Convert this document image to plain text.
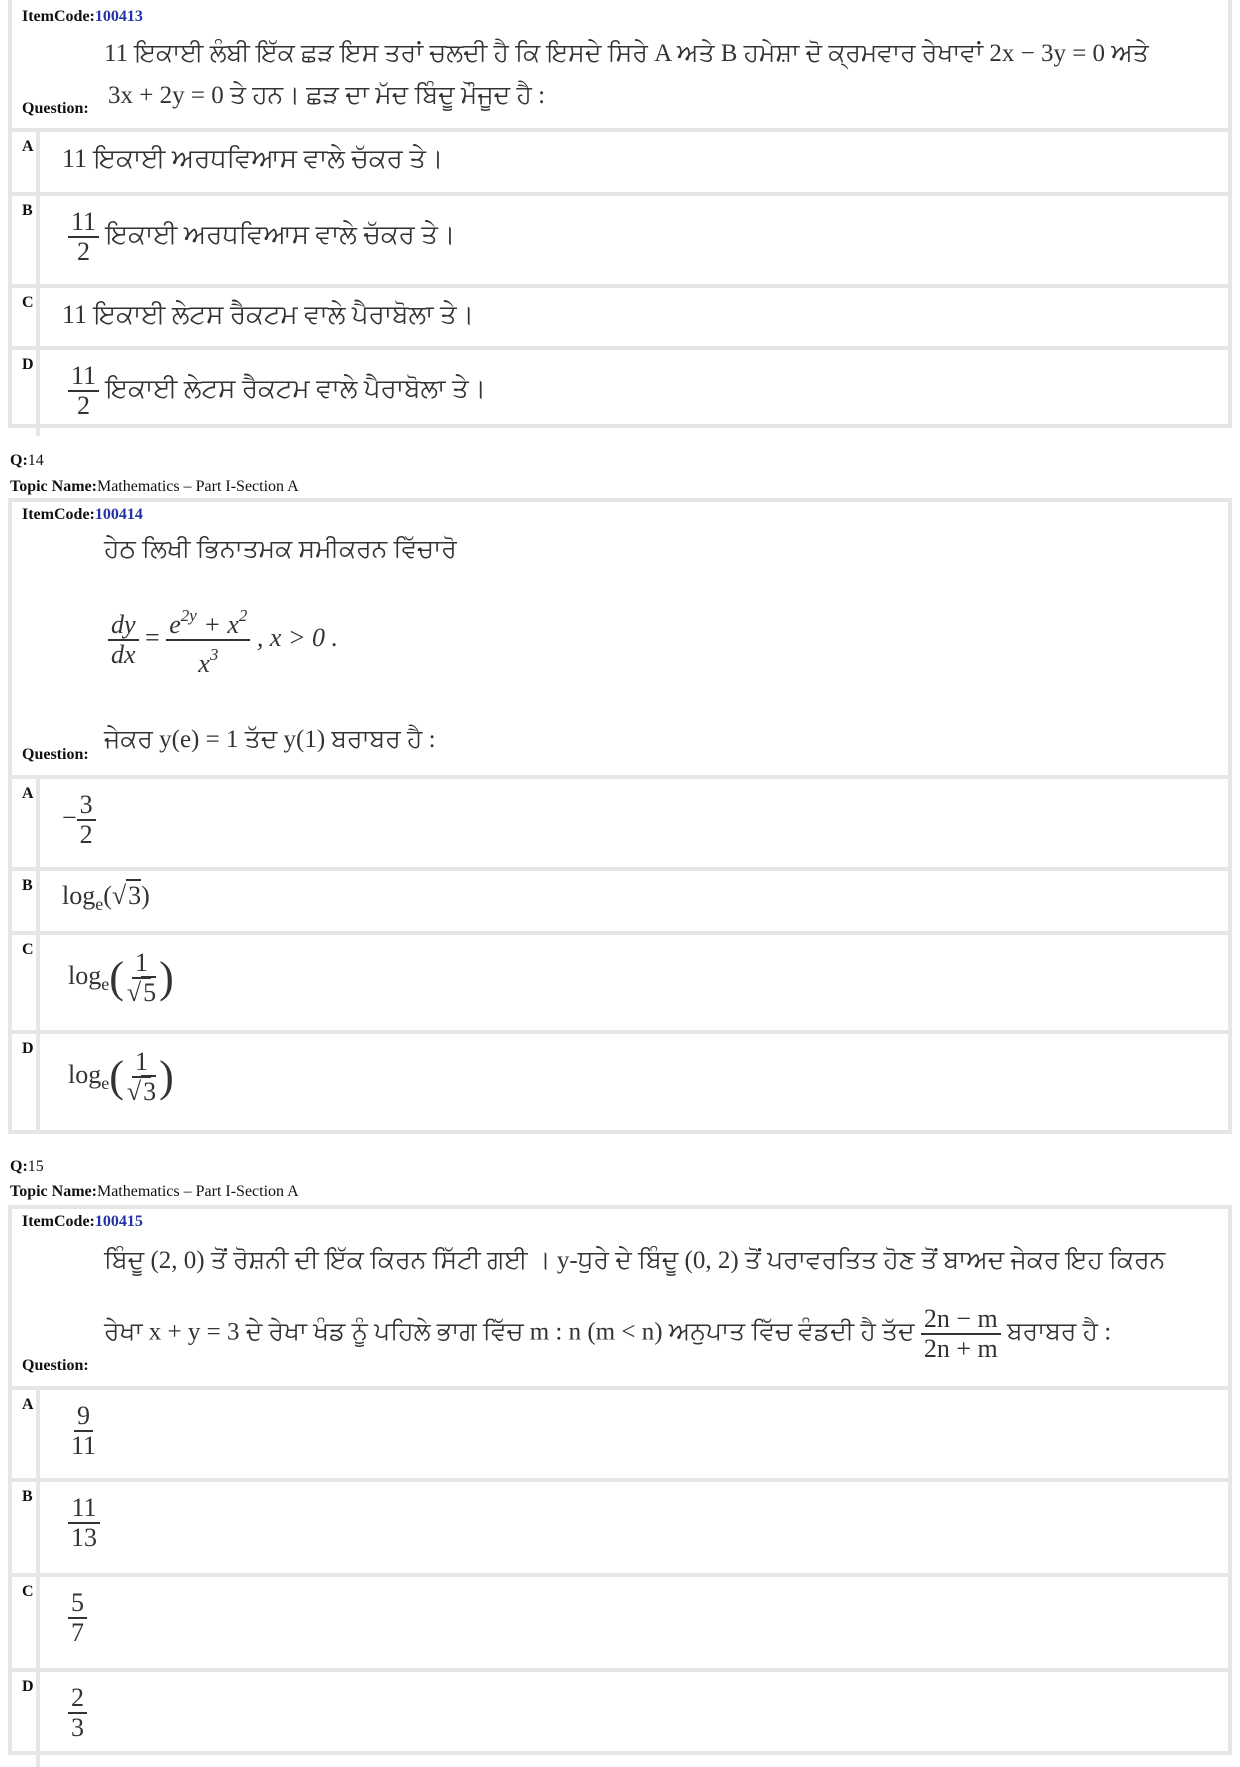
ItemCode:100413
11 ਇਕਾਈ ਲੰਬੀ ਇੱਕ ਛੜ ਇਸ ਤਰਾਂ ਚਲਦੀ ਹੈ ਕਿ ਇਸਦੇ ਸਿਰੇ A ਅਤੇ B ਹਮੇਸ਼ਾ ਦੋ ਕ੍ਰਮਵਾਰ ਰੇਖਾਵਾਂ 2x − 3y = 0 ਅਤੇ
3x + 2y = 0 ਤੇ ਹਨ। ਛੜ ਦਾ ਮੱਦ ਬਿੰਦੂ ਮੌਜੂਦ ਹੈ :
Question:
A 11 ਇਕਾਈ ਅਰਧਵਿਆਸ ਵਾਲੇ ਚੱਕਰ ਤੇ।
B $\frac{11}{2}$ ਇਕਾਈ ਅਰਧਵਿਆਸ ਵਾਲੇ ਚੱਕਰ ਤੇ।
C 11 ਇਕਾਈ ਲੇਟਸ ਰੈਕਟਮ ਵਾਲੇ ਪੈਰਾਬੋਲਾ ਤੇ।
D $\frac{11}{2}$ ਇਕਾਈ ਲੇਟਸ ਰੈਕਟਮ ਵਾਲੇ ਪੈਰਾਬੋਲਾ ਤੇ।
Q:14
Topic Name:Mathematics – Part I-Section A
ItemCode:100414
ਹੇਠ ਲਿਖੀ ਭਿਨਾਤਮਕ ਸਮੀਕਰਨ ਵਿੱਚਾਰੋ
$\frac{dy}{dx} = \frac{e^{2y} + x^2}{x^3}$ , x > 0 .
ਜੇਕਰ y(e) = 1 ਤੱਦ y(1) ਬਰਾਬਰ ਹੈ :
Question:
A
− $\frac{3}{2}$
B $\log_e(√3)$
C
$\log_e( \frac{1}{√5}$ )
D
$\log_e( \frac{1}{√3}$ )
Q:15
Topic Name:Mathematics – Part I-Section A
ItemCode:100415
ਬਿੰਦੂ (2, 0) ਤੋਂ ਰੋਸ਼ਨੀ ਦੀ ਇੱਕ ਕਿਰਨ ਸਿੱਟੀ ਗਈ । y-ਧੁਰੇ ਦੇ ਬਿੰਦੂ (0, 2) ਤੋਂ ਪਰਾਵਰਤਿਤ ਹੋਣ ਤੋਂ ਬਾਅਦ ਜੇਕਰ ਇਹ ਕਿਰਨ
ਰੇਖਾ x + y = 3 ਦੇ ਰੇਖਾ ਖੰਡ ਨੂੰ ਪਹਿਲੇ ਭਾਗ ਵਿੱਚ m : n (m < n) ਅਨੁਪਾਤ ਵਿੱਚ ਵੰਡਦੀ ਹੈ ਤੱਦ $\frac{2n - m}{2n + m}$ ਬਰਾਬਰ ਹੈ :
Question:
A $\frac{9}{11}$
B $\frac{11}{13}$
C $\frac{5}{7}$
D $\frac{2}{3}$
